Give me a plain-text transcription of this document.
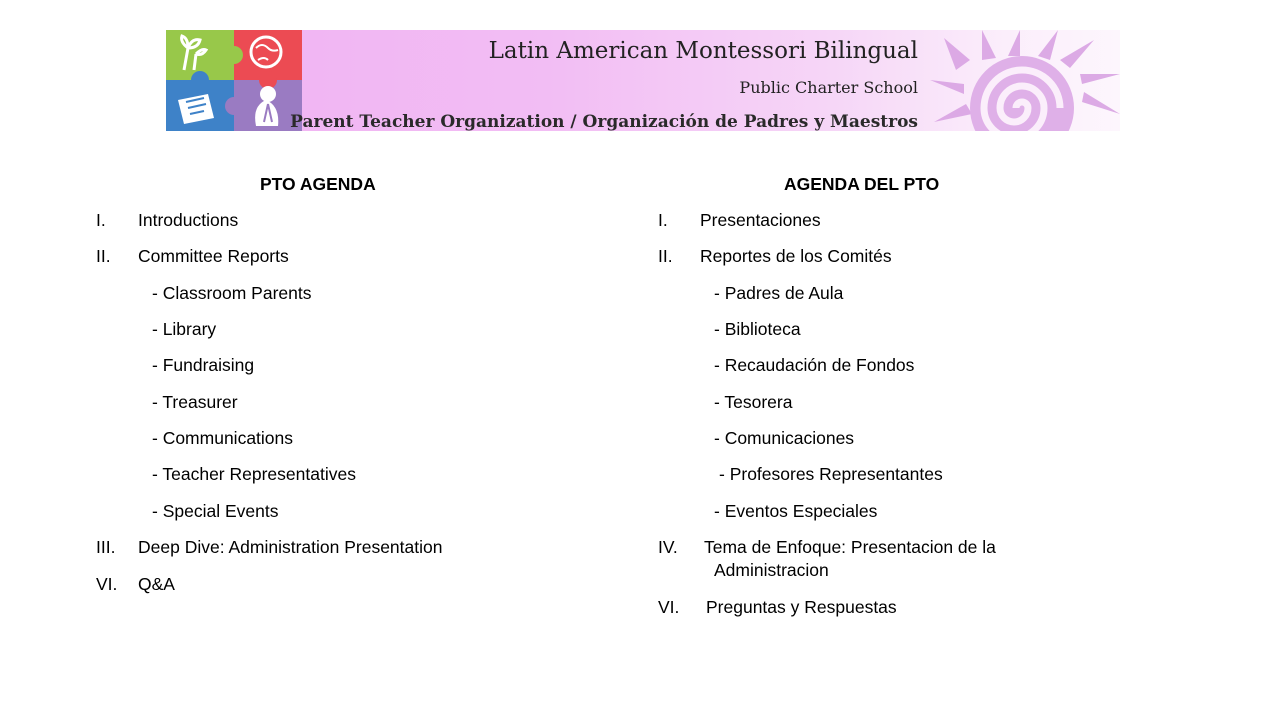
Latin American Montessori Bilingual
Public Charter School
Parent Teacher Organization / Organización de Padres y Maestros
PTO AGENDA
I. Introductions
II. Committee Reports
- Classroom Parents
- Library
- Fundraising
- Treasurer
- Communications
- Teacher Representatives
- Special Events
III. Deep Dive: Administration Presentation
VI. Q&A
AGENDA DEL PTO
I. Presentaciones
II. Reportes de los Comités
- Padres de Aula
- Biblioteca
- Recaudación de Fondos
- Tesorera
- Comunicaciones
- Profesores Representantes
- Eventos Especiales
IV. Tema de Enfoque: Presentacion de la
Administracion
VI. Preguntas y Respuestas
